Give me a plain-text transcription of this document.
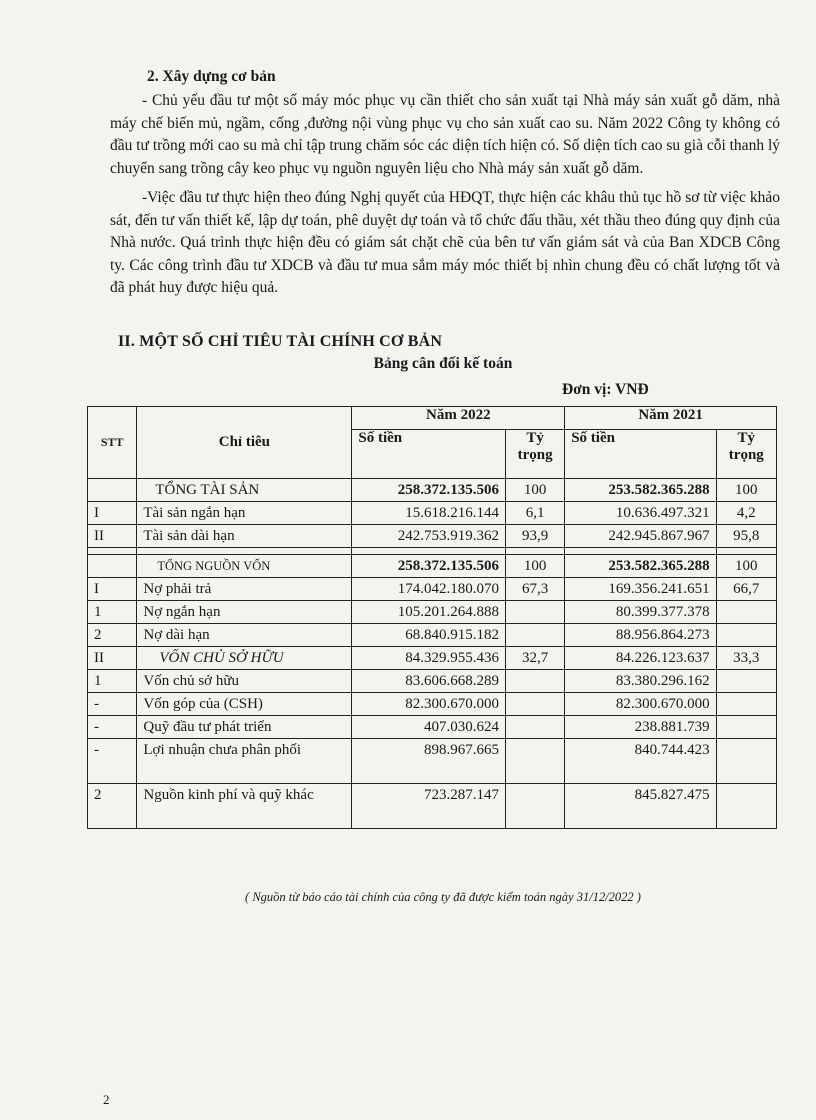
2. Xây dựng cơ bản

- Chủ yếu đầu tư một số máy móc phục vụ cần thiết cho sản xuất tại Nhà máy sản xuất gỗ dăm, nhà máy chế biến mủ, ngầm, cống ,đường nội vùng phục vụ cho sản xuất cao su. Năm 2022 Công ty không có đầu tư trồng mới cao su mà chỉ tập trung chăm sóc các diện tích hiện có. Số diện tích cao su già cỗi thanh lý chuyển sang trồng cây keo phục vụ nguồn nguyên liệu cho Nhà máy sản xuất gỗ dăm.

-Việc đầu tư thực hiện theo đúng Nghị quyết của HĐQT, thực hiện các khâu thủ tục hồ sơ từ việc khảo sát, đến tư vấn thiết kế, lập dự toán, phê duyệt dự toán và tổ chức đấu thầu, xét thầu theo đúng quy định của Nhà nước. Quá trình thực hiện đều có giám sát chặt chẽ của bên tư vấn giám sát và của Ban XDCB Công ty. Các công trình đầu tư XDCB và đầu tư mua sắm máy móc thiết bị nhìn chung đều có chất lượng tốt và đã phát huy được hiệu quả.

II. MỘT SỐ CHỈ TIÊU TÀI CHÍNH CƠ BẢN

Bảng cân đối kế toán

Đơn vị: VNĐ

STT	Chỉ tiêu	Năm 2022		Năm 2021	
		Số tiền	Tỷ trọng	Số tiền	Tỷ trọng
	TỔNG TÀI SẢN	258.372.135.506	100	253.582.365.288	100
I	Tài sản ngắn hạn	15.618.216.144	6,1	10.636.497.321	4,2
II	Tài sản dài hạn	242.753.919.362	93,9	242.945.867.967	95,8

	TỔNG NGUỒN VỐN	258.372.135.506	100	253.582.365.288	100
I	Nợ phải trả	174.042.180.070	67,3	169.356.241.651	66,7
1	Nợ ngắn hạn	105.201.264.888		80.399.377.378	
2	Nợ dài hạn	68.840.915.182		88.956.864.273	
II	VỐN CHỦ SỞ HỮU	84.329.955.436	32,7	84.226.123.637	33,3
1	Vốn chủ sở hữu	83.606.668.289		83.380.296.162	
-	Vốn góp của (CSH)	82.300.670.000		82.300.670.000	
-	Quỹ đầu tư phát triển	407.030.624		238.881.739	
-	Lợi nhuận chưa phân phối	898.967.665		840.744.423	
2	Nguồn kinh phí và quỹ khác	723.287.147		845.827.475	

( Nguồn từ báo cáo tài chính của công ty đã được kiểm toán ngày 31/12/2022 )

2
